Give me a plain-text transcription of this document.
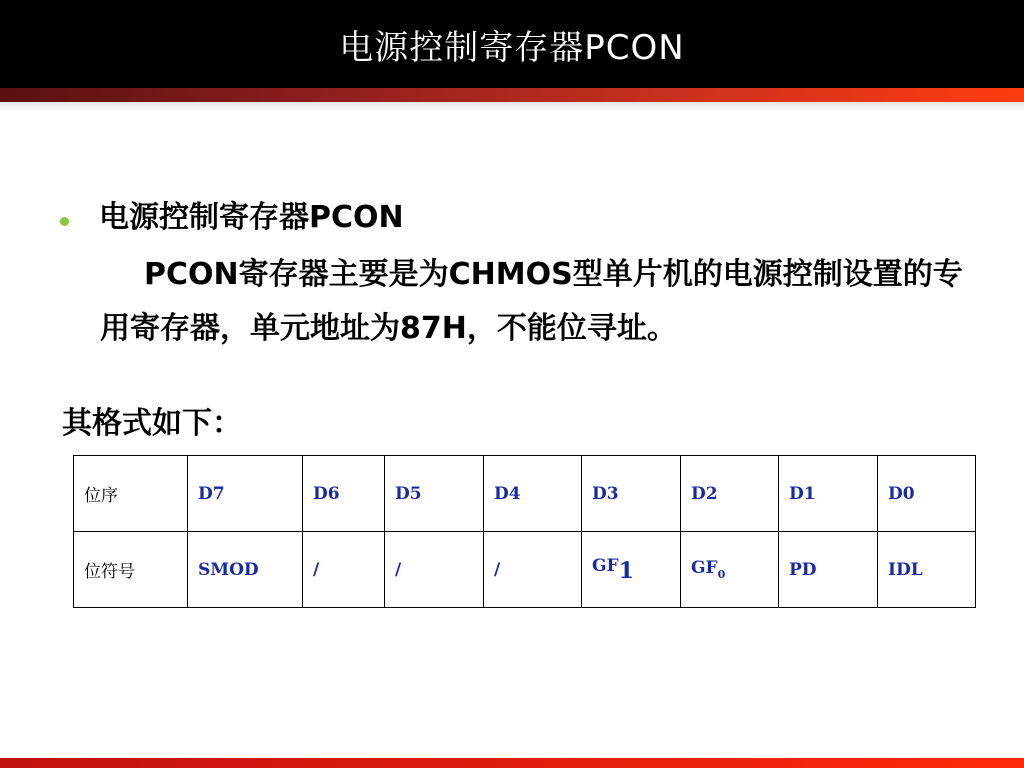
电源控制寄存器PCON
电源控制寄存器PCON

PCON寄存器主要是为CHMOS型单片机的电源控制设置的专用寄存器，单元地址为87H，不能位寻址。

其格式如下：

位序	D7	D6	D5	D4	D3	D2	D1	D0
位符号	SMOD	/	/	/	GF1	$GF_0$	PD	IDL
